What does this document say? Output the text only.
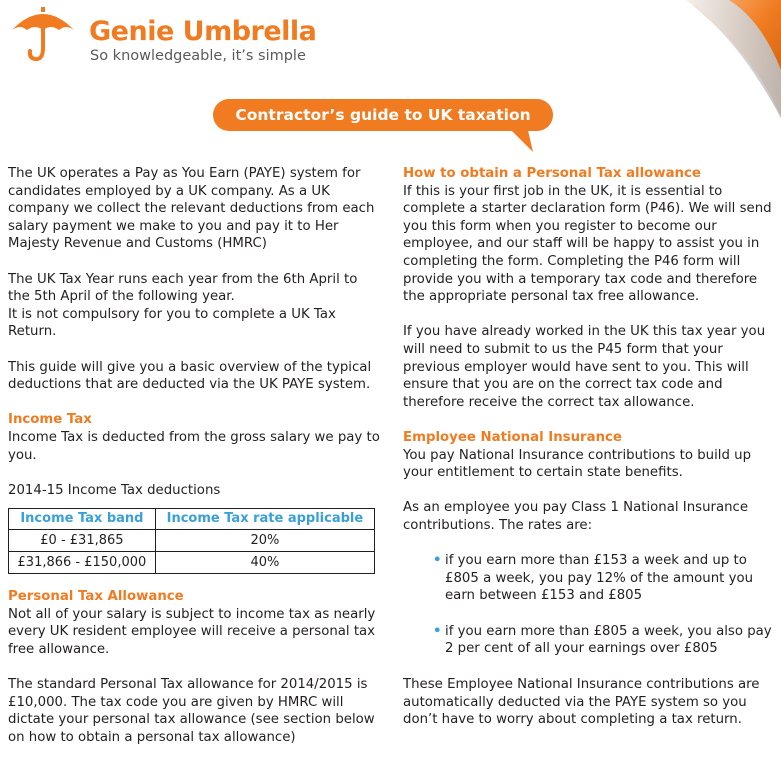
Genie Umbrella
So knowledgeable, it’s simple
Contractor’s guide to UK taxation

The UK operates a Pay as You Earn (PAYE) system for candidates employed by a UK company. As a UK company we collect the relevant deductions from each salary payment we make to you and pay it to Her Majesty Revenue and Customs (HMRC)

The UK Tax Year runs each year from the 6th April to the 5th April of the following year.
It is not compulsory for you to complete a UK Tax Return.

This guide will give you a basic overview of the typical deductions that are deducted via the UK PAYE system.

Income Tax
Income Tax is deducted from the gross salary we pay to you.
2014-15 Income Tax deductions
Income Tax band	Income Tax rate applicable
£0 - £31,865	20%
£31,866 - £150,000	40%
Personal Tax Allowance
Not all of your salary is subject to income tax as nearly every UK resident employee will receive a personal tax free allowance.

The standard Personal Tax allowance for 2014/2015 is £10,000. The tax code you are given by HMRC will dictate your personal tax allowance (see section below on how to obtain a personal tax allowance)

How to obtain a Personal Tax allowance
If this is your first job in the UK, it is essential to complete a starter declaration form (P46). We will send you this form when you register to become our employee, and our staff will be happy to assist you in completing the form. Completing the P46 form will provide you with a temporary tax code and therefore the appropriate personal tax free allowance.

If you have already worked in the UK this tax year you will need to submit to us the P45 form that your previous employer would have sent to you. This will ensure that you are on the correct tax code and therefore receive the correct tax allowance.

Employee National Insurance
You pay National Insurance contributions to build up your entitlement to certain state benefits.

As an employee you pay Class 1 National Insurance contributions. The rates are:

• if you earn more than £153 a week and up to £805 a week, you pay 12% of the amount you earn between £153 and £805
• if you earn more than £805 a week, you also pay 2 per cent of all your earnings over £805

These Employee National Insurance contributions are automatically deducted via the PAYE system so you don’t have to worry about completing a tax return.
